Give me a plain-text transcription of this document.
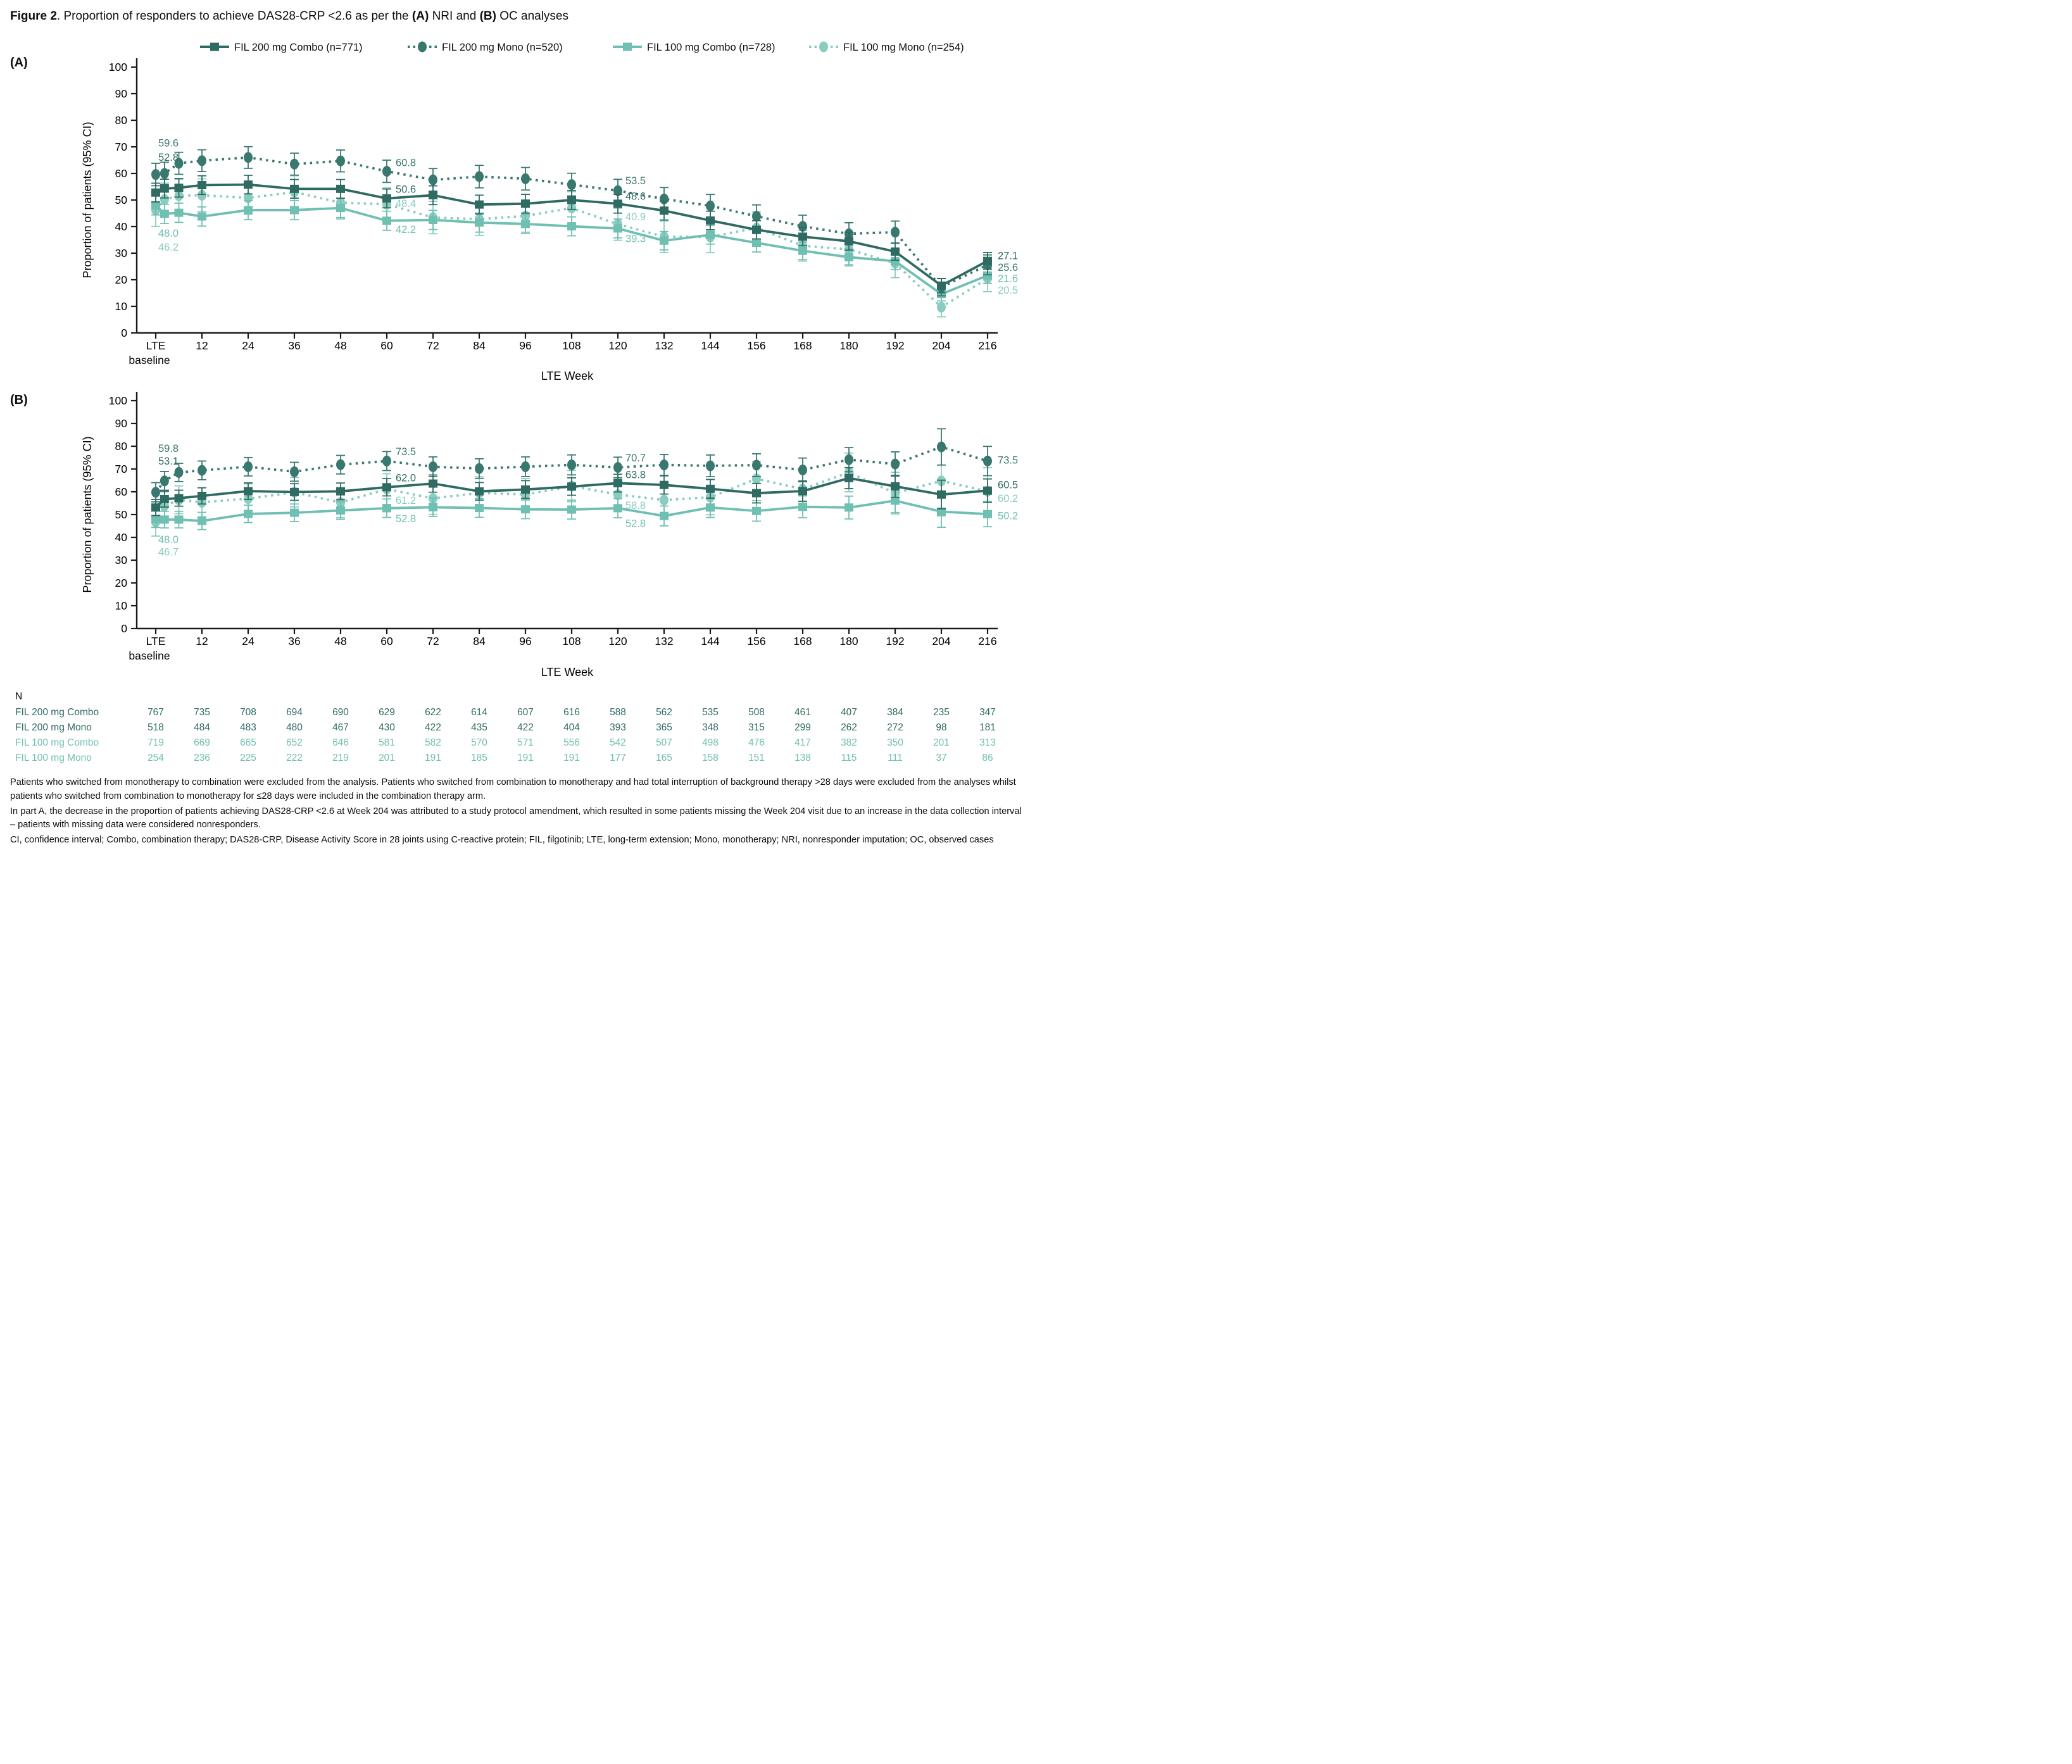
Figure 2. Proportion of responders to achieve DAS28-CRP <2.6 as per the (A) NRI and (B) OC analyses
(A)
0
10
20
30
40
50
60
70
80
90
100
Proportion of patients (95% CI)
LTE
baseline
12	24	36	48	60	72	84	96	108	120	132	144	156	168	180	192	204	216
LTE Week
59.6
52.8
48.0
46.2
60.8
50.6
48.4
42.2
53.5
48.6
40.9
39.3
27.1
25.6
21.6
20.5
FIL 200 mg Combo (n=771)	FIL 200 mg Mono (n=520)	FIL 100 mg Combo (n=728)	FIL 100 mg Mono (n=254)
(B)
0
10
20
30
40
50
60
70
80
90
100
Proportion of patients (95% CI)
LTE
baseline
12	24	36	48	60	72	84	96	108	120	132	144	156	168	180	192	204	216
LTE Week
59.8
53.1
48.0
46.7
73.5
62.0
61.2
52.8
70.7
63.8
58.8
52.8
73.5
60.5
60.2
50.2
N
FIL 200 mg Combo	767	735	708	694	690	629	622	614	607	616	588	562	535	508	461	407	384	235	347
FIL 200 mg Mono	518	484	483	480	467	430	422	435	422	404	393	365	348	315	299	262	272	98	181
FIL 100 mg Combo	719	669	665	652	646	581	582	570	571	556	542	507	498	476	417	382	350	201	313
FIL 100 mg Mono	254	236	225	222	219	201	191	185	191	191	177	165	158	151	138	115	111	37	86

Patients who switched from monotherapy to combination were excluded from the analysis. Patients who switched from combination to monotherapy and had total interruption of background therapy >28 days were excluded from the analyses whilst patients who switched from combination to monotherapy for ≤28 days were included in the combination therapy arm.

In part A, the decrease in the proportion of patients achieving DAS28-CRP <2.6 at Week 204 was attributed to a study protocol amendment, which resulted in some patients missing the Week 204 visit due to an increase in the data collection interval – patients with missing data were considered nonresponders.

CI, confidence interval; Combo, combination therapy; DAS28-CRP, Disease Activity Score in 28 joints using C-reactive protein; FIL, filgotinib; LTE, long-term extension; Mono, monotherapy; NRI, nonresponder imputation; OC, observed cases
